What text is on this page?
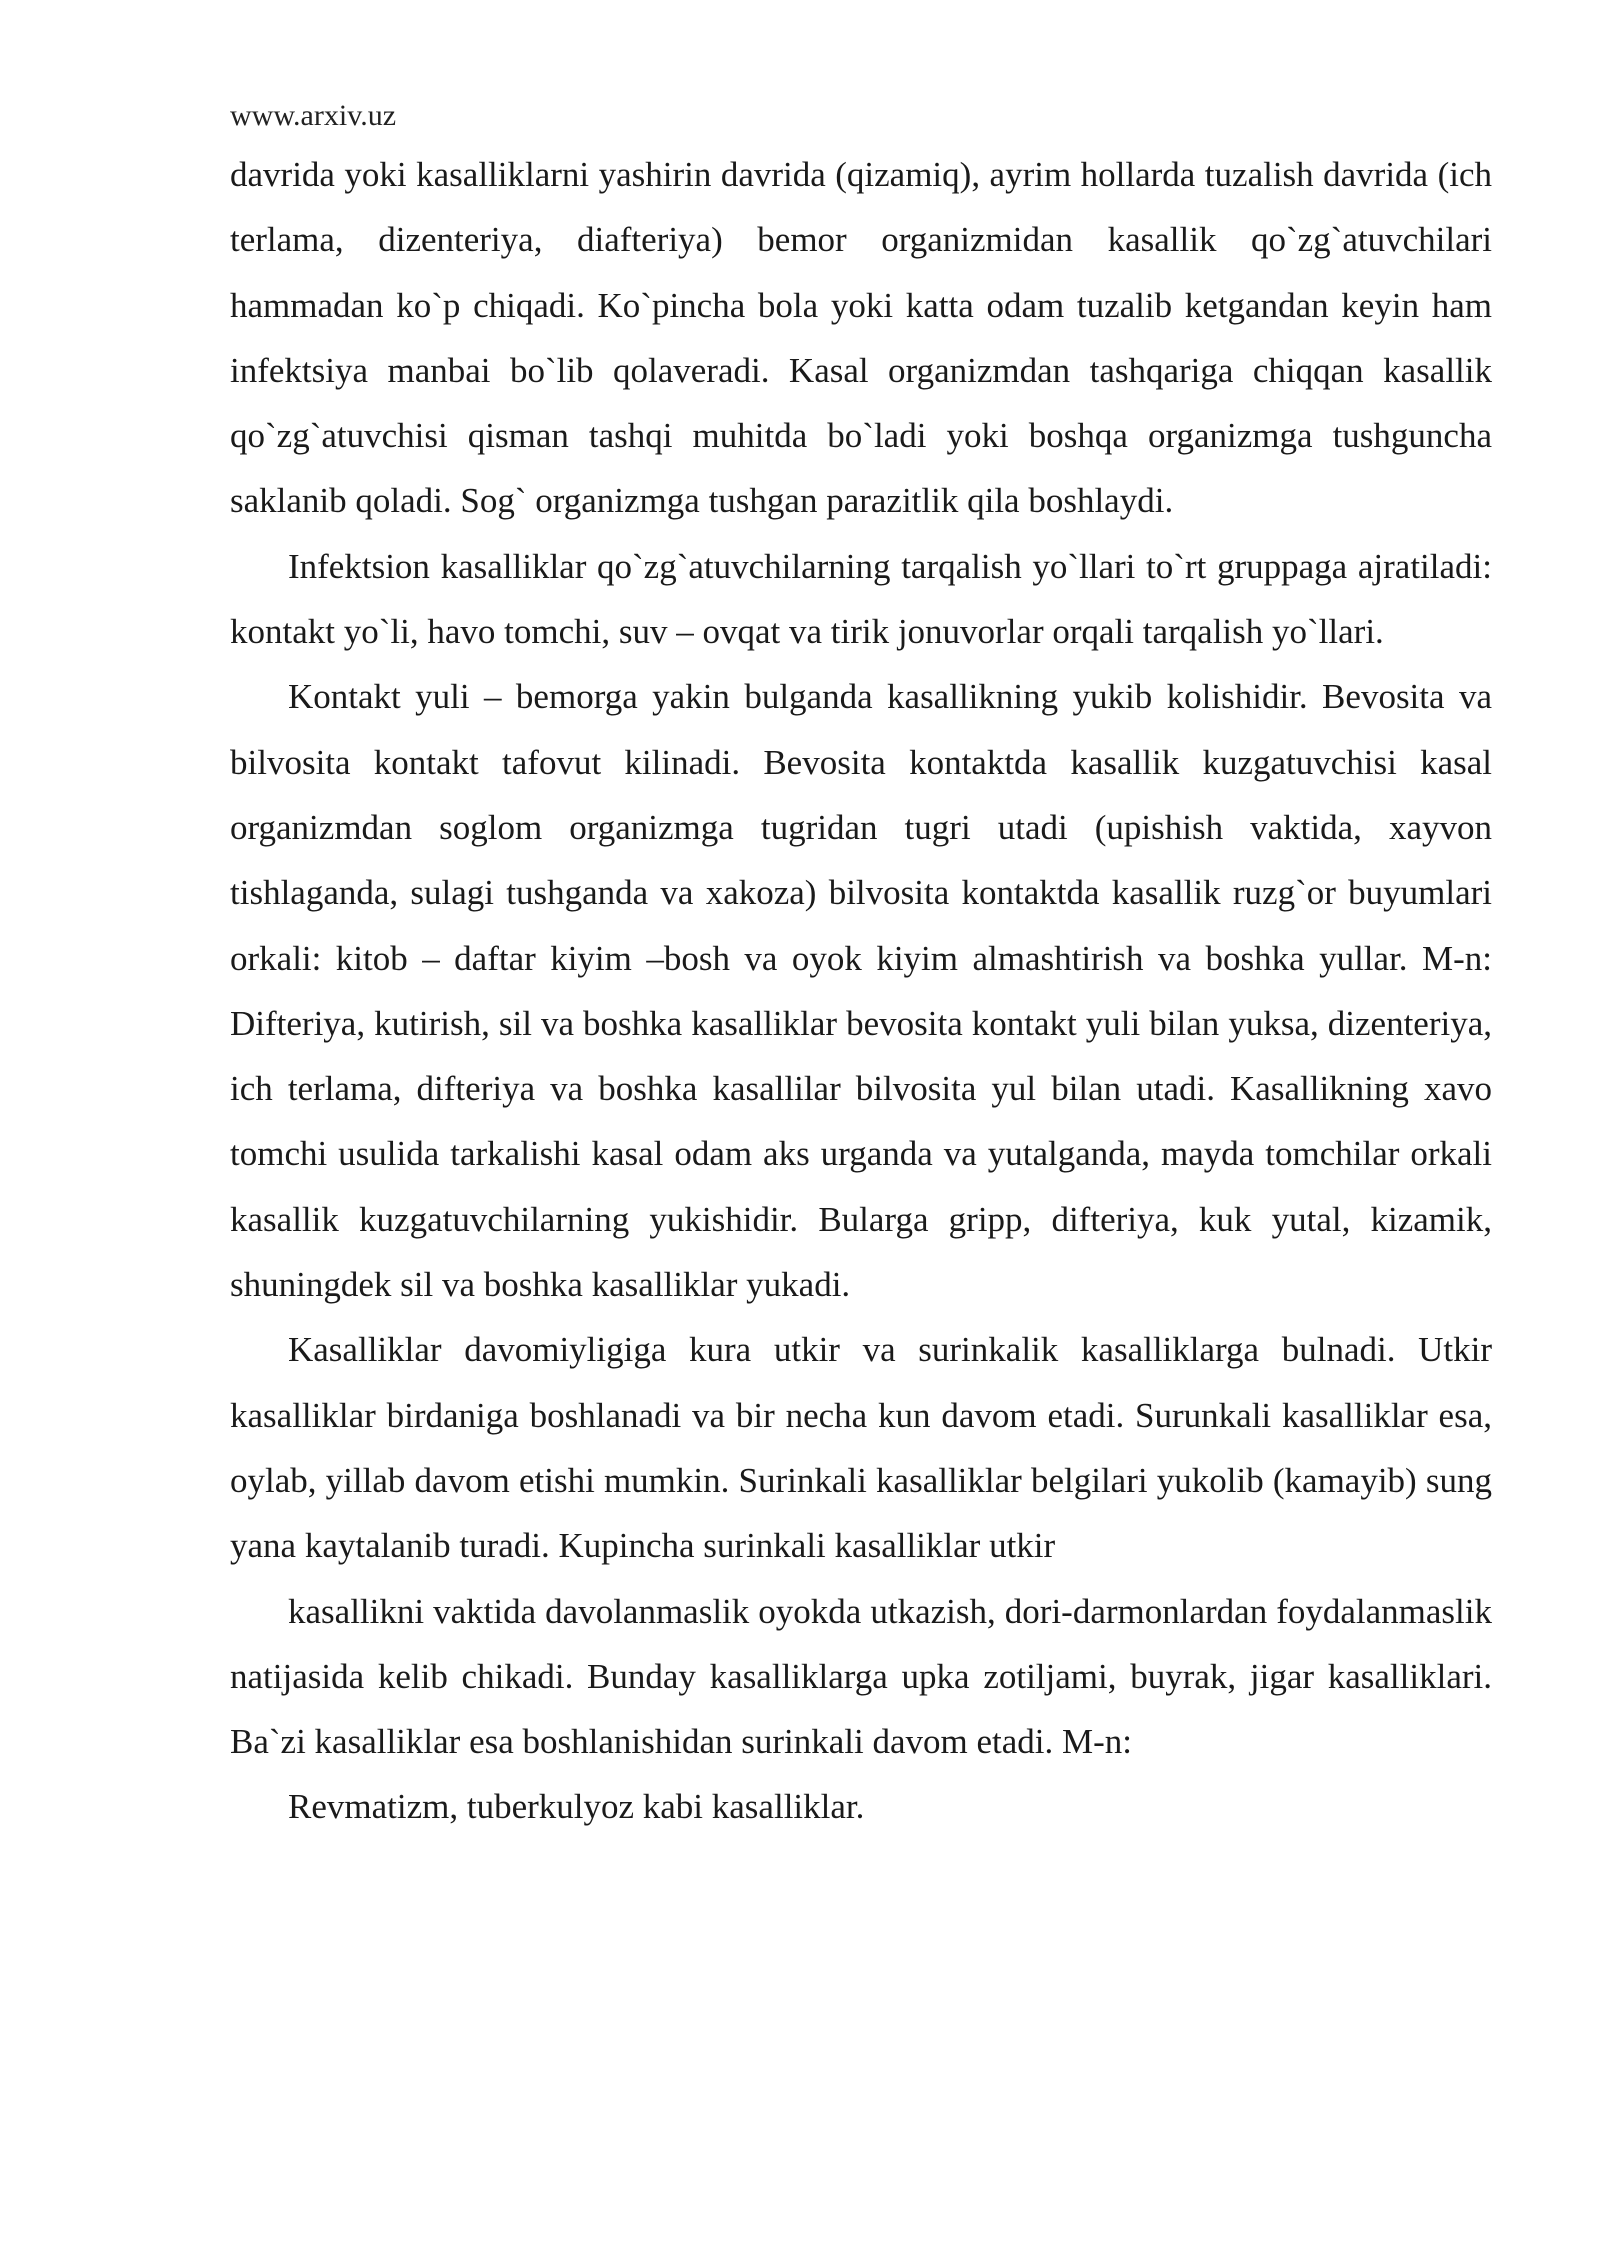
www.arxiv.uz

davrida yoki kasalliklarni yashirin davrida (qizamiq), ayrim hollarda tuzalish davrida (ich terlama, dizenteriya, diafteriya) bemor organizmidan kasallik qo`zg`atuvchilari hammadan ko`p chiqadi. Ko`pincha bola yoki katta odam tuzalib ketgandan keyin ham infektsiya manbai bo`lib qolaveradi. Kasal organizmdan tashqariga chiqqan kasallik qo`zg`atuvchisi qisman tashqi muhitda bo`ladi yoki boshqa organizmga tushguncha saklanib qoladi. Sog` organizmga tushgan parazitlik qila boshlaydi.

Infektsion kasalliklar qo`zg`atuvchilarning tarqalish yo`llari to`rt gruppaga ajratiladi: kontakt yo`li, havo tomchi, suv – ovqat va tirik jonuvorlar orqali tarqalish yo`llari.

Kontakt yuli – bemorga yakin bulganda kasallikning yukib kolishidir. Bevosita va bilvosita kontakt tafovut kilinadi. Bevosita kontaktda kasallik kuzgatuvchisi kasal organizmdan soglom organizmga tugridan tugri utadi (upishish vaktida, xayvon tishlaganda, sulagi tushganda va xakoza) bilvosita kontaktda kasallik ruzg`or buyumlari orkali: kitob – daftar kiyim –bosh va oyok kiyim almashtirish va boshka yullar. M-n: Difteriya, kutirish, sil va boshka kasalliklar bevosita kontakt yuli bilan yuksa, dizenteriya, ich terlama, difteriya va boshka kasallilar bilvosita yul bilan utadi. Kasallikning xavo tomchi usulida tarkalishi kasal odam aks urganda va yutalganda, mayda tomchilar orkali kasallik kuzgatuvchilarning yukishidir. Bularga gripp, difteriya, kuk yutal, kizamik, shuningdek sil va boshka kasalliklar yukadi.

Kasalliklar davomiyligiga kura utkir va surinkalik kasalliklarga bulnadi. Utkir kasalliklar birdaniga boshlanadi va bir necha kun davom etadi. Surunkali kasalliklar esa, oylab, yillab davom etishi mumkin. Surinkali kasalliklar belgilari yukolib (kamayib) sung yana kaytalanib turadi. Kupincha surinkali kasalliklar utkir

kasallikni vaktida davolanmaslik oyokda utkazish, dori-darmonlardan foydalanmaslik natijasida kelib chikadi. Bunday kasalliklarga upka zotiljami, buyrak, jigar kasalliklari. Ba`zi kasalliklar esa boshlanishidan surinkali davom etadi. M-n:

Revmatizm, tuberkulyoz kabi kasalliklar.
